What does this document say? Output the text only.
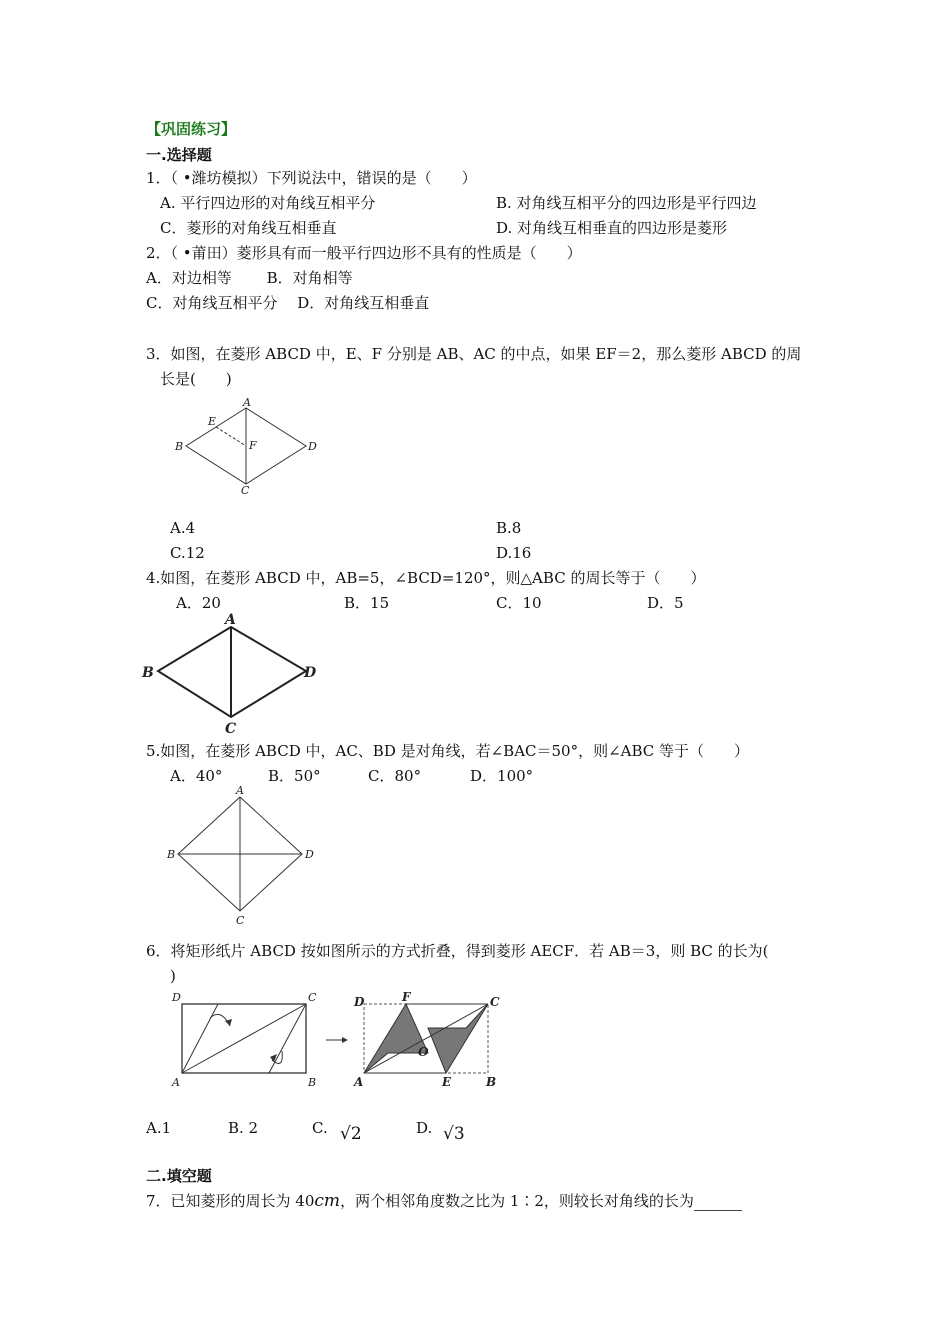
【巩固练习】
一.选择题
1．（ •潍坊模拟）下列说法中，错误的是（　　）
A. 平行四边形的对角线互相平分	B. 对角线互相平分的四边形是平行四边
C．菱形的对角线互相垂直	D. 对角线互相垂直的四边形是菱形
2．（ •莆田）菱形具有而一般平行四边形不具有的性质是（　　）
A．对边相等　　 B．对角相等
C．对角线互相平分　 D．对角线互相垂直
3．如图，在菱形 ABCD 中，E、F 分别是 AB、AC 的中点，如果 EF＝2，那么菱形 ABCD 的周
长是(　　)
A
B
C
D
E
F
A.4	B.8
C.12	D.16
4.如图，在菱形 ABCD 中，AB=5，∠BCD=120°，则△ABC 的周长等于（　　）
A．20	B．15	C．10	D．5
A
B
C
D
5.如图，在菱形 ABCD 中，AC、BD 是对角线，若∠BAC＝50°，则∠ABC 等于（　　）
A．40°	B．50°	C．80°	D．100°
A
B
C
D
6．将矩形纸片 ABCD 按如图所示的方式折叠，得到菱形 AECF．若 AB＝3，则 BC 的长为(
)
D	C
A	B
D	F	C
O
A	E	B
A.1	B. 2	C. √2	D. √3
二.填空题
7．已知菱形的周长为 40cm，两个相邻角度数之比为 1∶2，则较长对角线的长为
